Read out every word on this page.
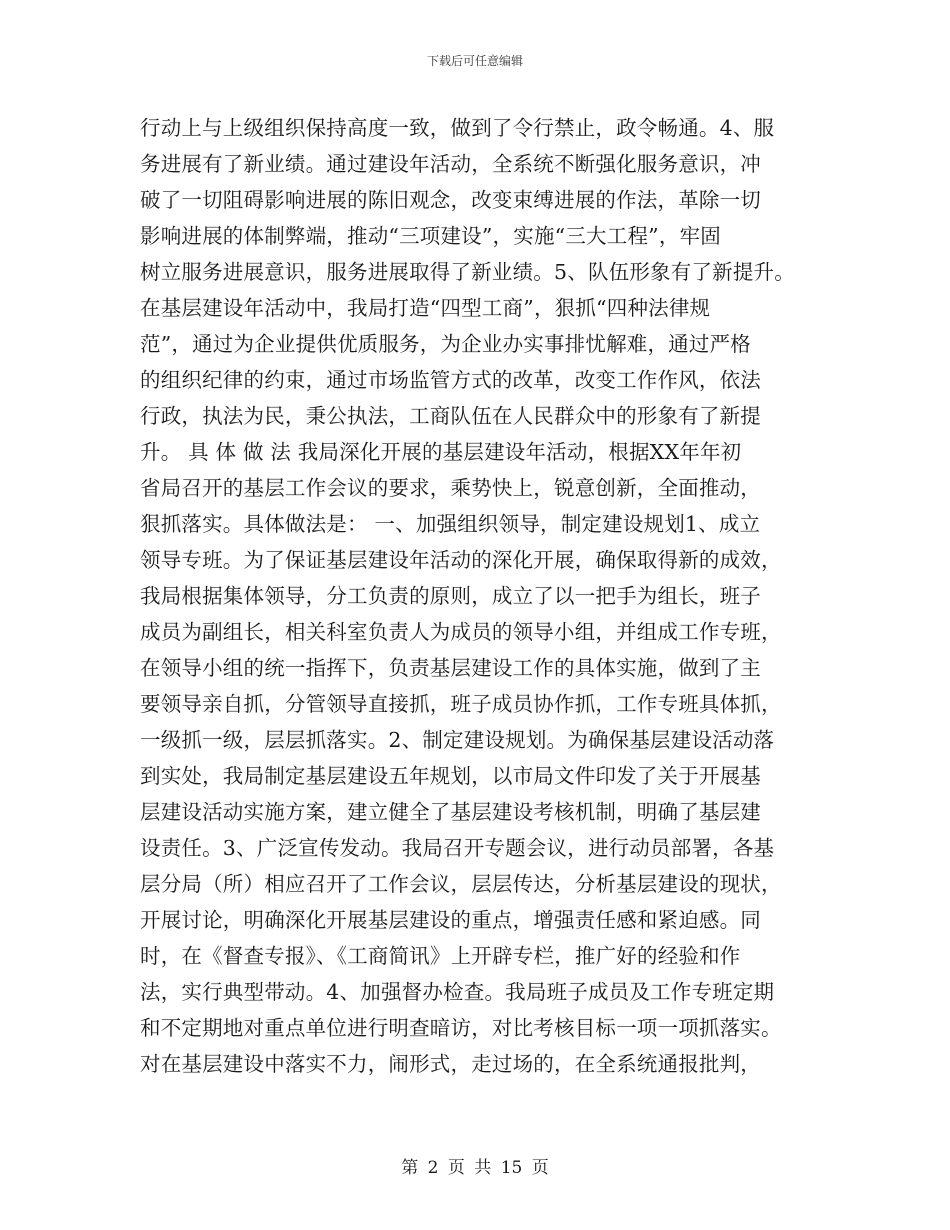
下载后可任意编辑
行动上与上级组织保持高度一致，做到了令行禁止，政令畅通。4、服
务进展有了新业绩。通过建设年活动，全系统不断强化服务意识，冲
破了一切阻碍影响进展的陈旧观念，改变束缚进展的作法，革除一切
影响进展的体制弊端，推动“三项建设”，实施“三大工程”，牢固
树立服务进展意识，服务进展取得了新业绩。5、队伍形象有了新提升。
在基层建设年活动中，我局打造“四型工商”，狠抓“四种法律规
范”，通过为企业提供优质服务，为企业办实事排忧解难，通过严格
的组织纪律的约束，通过市场监管方式的改革，改变工作作风，依法
行政，执法为民，秉公执法，工商队伍在人民群众中的形象有了新提
升。 具 体 做 法 我局深化开展的基层建设年活动，根据XX年年初
省局召开的基层工作会议的要求，乘势快上，锐意创新，全面推动，
狠抓落实。具体做法是： 一、加强组织领导，制定建设规划1、成立
领导专班。为了保证基层建设年活动的深化开展，确保取得新的成效，
我局根据集体领导，分工负责的原则，成立了以一把手为组长，班子
成员为副组长，相关科室负责人为成员的领导小组，并组成工作专班，
在领导小组的统一指挥下，负责基层建设工作的具体实施，做到了主
要领导亲自抓，分管领导直接抓，班子成员协作抓，工作专班具体抓，
一级抓一级，层层抓落实。2、制定建设规划。为确保基层建设活动落
到实处，我局制定基层建设五年规划，以市局文件印发了关于开展基
层建设活动实施方案，建立健全了基层建设考核机制，明确了基层建
设责任。3、广泛宣传发动。我局召开专题会议，进行动员部署，各基
层分局（所）相应召开了工作会议，层层传达，分析基层建设的现状，
开展讨论，明确深化开展基层建设的重点，增强责任感和紧迫感。同
时，在《督查专报》、《工商简讯》上开辟专栏，推广好的经验和作
法，实行典型带动。4、加强督办检查。我局班子成员及工作专班定期
和不定期地对重点单位进行明查暗访，对比考核目标一项一项抓落实。
对在基层建设中落实不力，闹形式，走过场的，在全系统通报批判，
第 2 页 共 15 页
